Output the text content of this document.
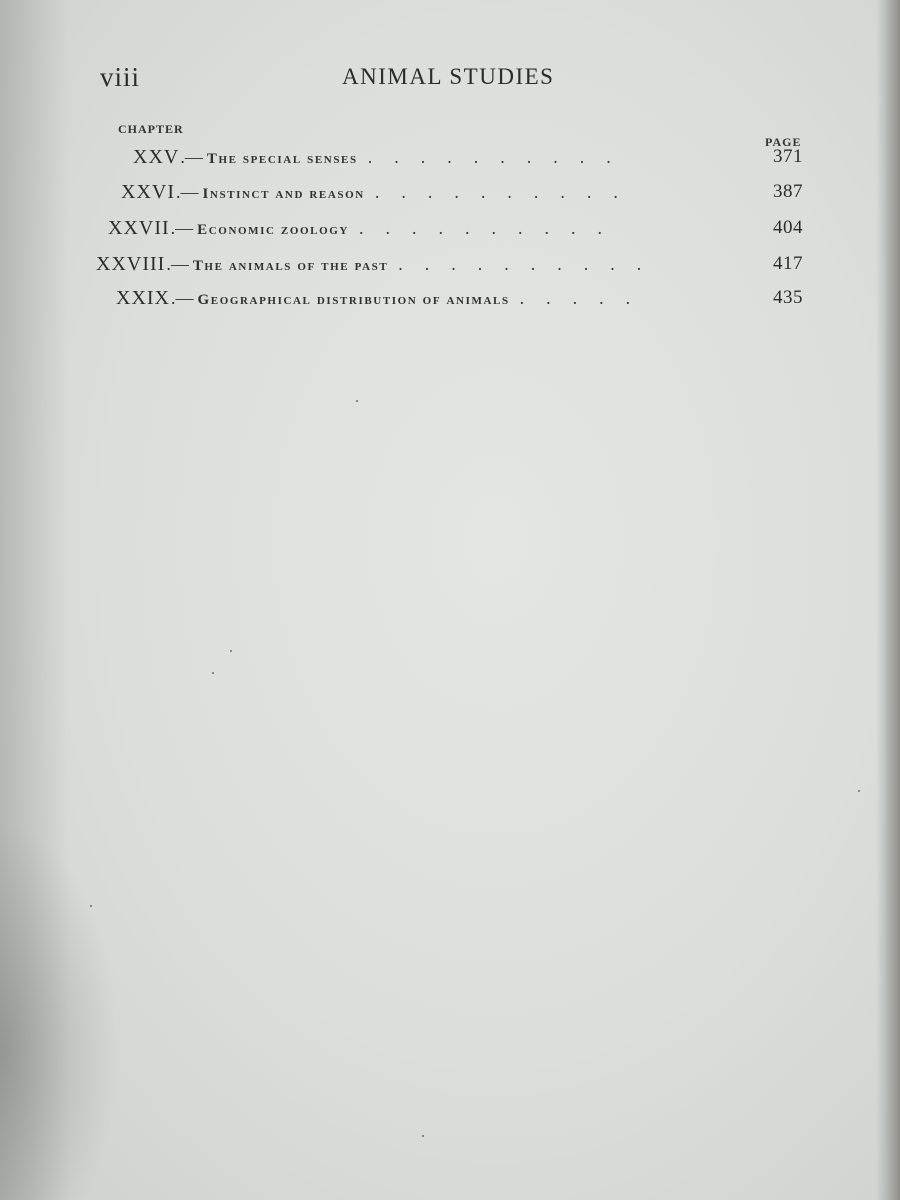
viii	ANIMAL STUDIES
CHAPTER
PAGE
XXV .— The special senses ..........	371
XXVI .— Instinct and reason ..........	387
XXVII .— Economic zoology ..........	404
XXVIII .— The animals of the past ..........	417
XXIX .— Geographical distribution of animals .....	435
